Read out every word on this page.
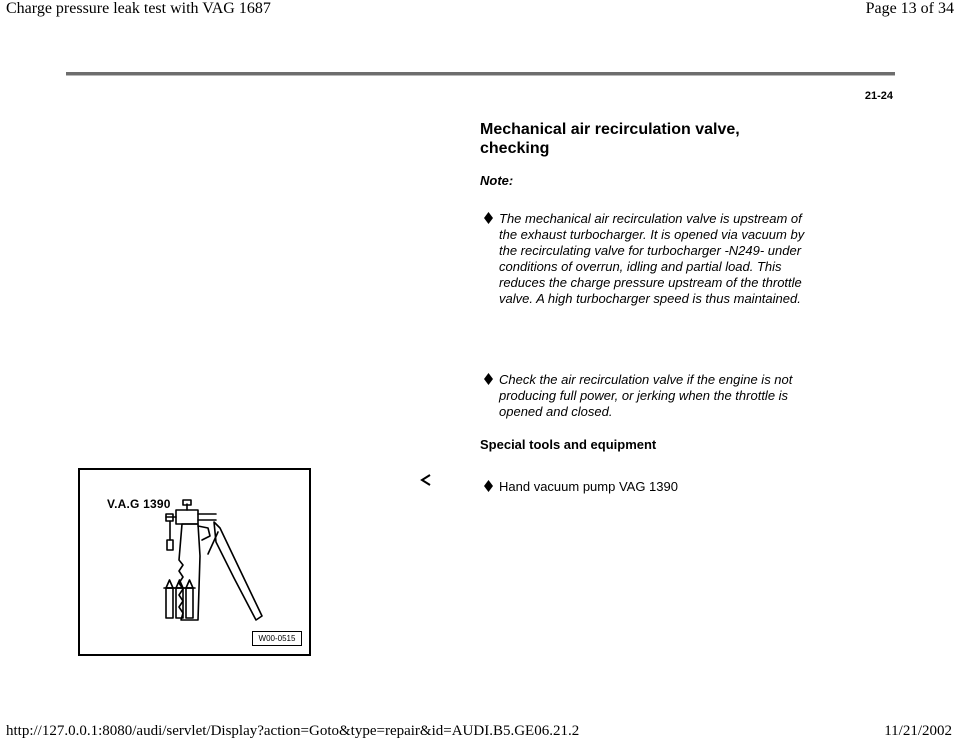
Charge pressure leak test with VAG 1687	Page 13 of 34
21-24
Mechanical air recirculation valve, checking
Note:
The mechanical air recirculation valve is upstream of the exhaust turbocharger. It is opened via vacuum by the recirculating valve for turbocharger -N249- under conditions of overrun, idling and partial load. This reduces the charge pressure upstream of the throttle valve. A high turbocharger speed is thus maintained.
Check the air recirculation valve if the engine is not producing full power, or jerking when the throttle is opened and closed.
Special tools and equipment
V.A.G 1390
W00-0515
Hand vacuum pump VAG 1390
http://127.0.0.1:8080/audi/servlet/Display?action=Goto&type=repair&id=AUDI.B5.GE06.21.2	11/21/2002
